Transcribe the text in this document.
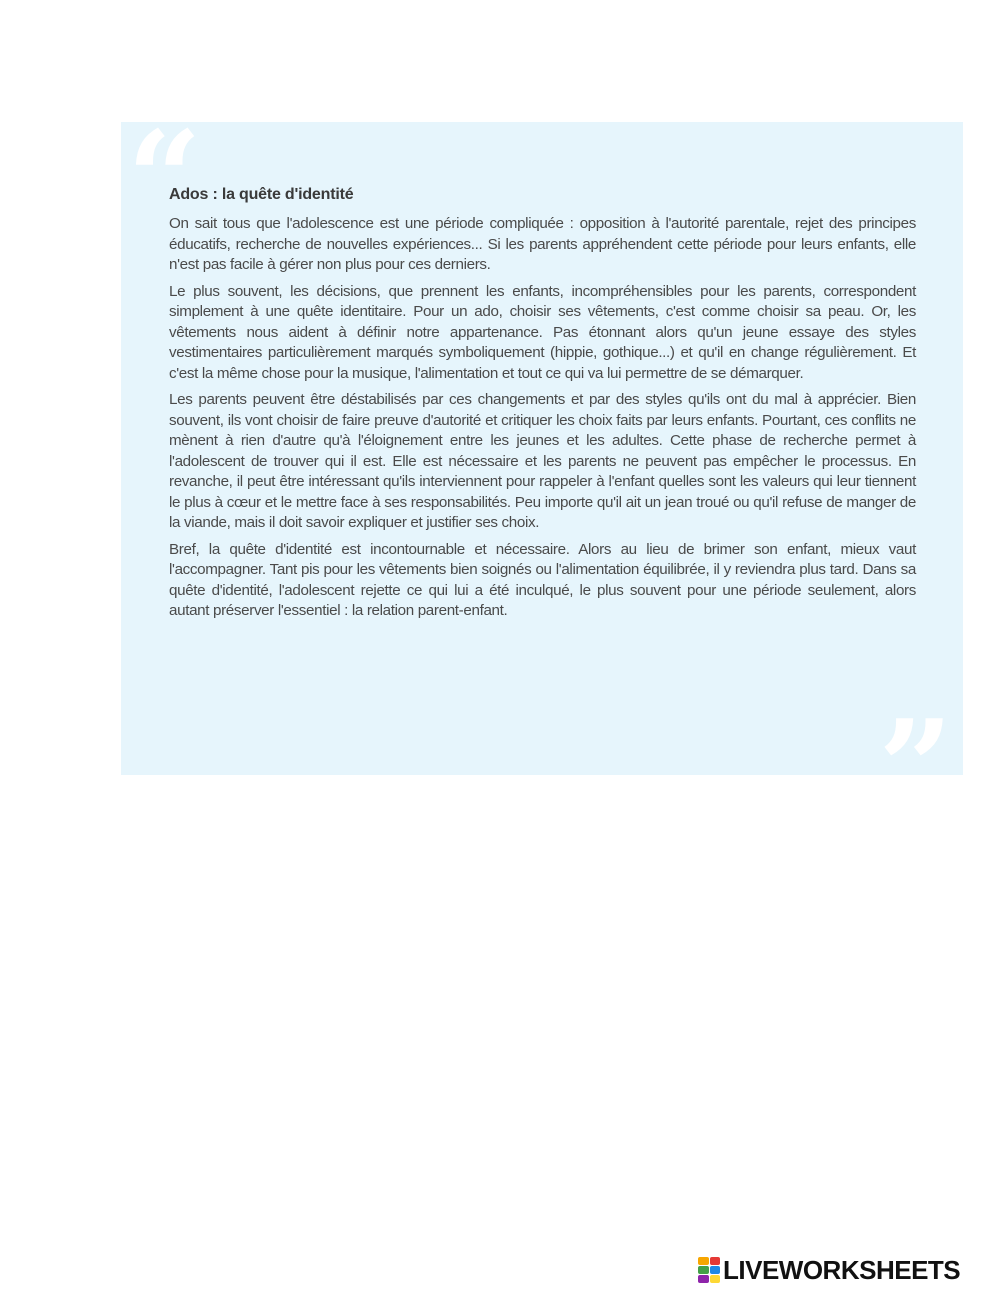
“
Ados : la quête d'identité

On sait tous que l'adolescence est une période compliquée : opposition à l'autorité parentale, rejet des principes éducatifs, recherche de nouvelles expériences... Si les parents appréhendent cette période pour leurs enfants, elle n'est pas facile à gérer non plus pour ces derniers.

Le plus souvent, les décisions, que prennent les enfants, incompréhensibles pour les parents, correspondent simplement à une quête identitaire. Pour un ado, choisir ses vêtements, c'est comme choisir sa peau. Or, les vêtements nous aident à définir notre appartenance. Pas étonnant alors qu'un jeune essaye des styles vestimentaires particulièrement marqués symboliquement (hippie, gothique...) et qu'il en change régulièrement. Et c'est la même chose pour la musique, l'alimentation et tout ce qui va lui permettre de se démarquer.

Les parents peuvent être déstabilisés par ces changements et par des styles qu'ils ont du mal à apprécier. Bien souvent, ils vont choisir de faire preuve d'autorité et critiquer les choix faits par leurs enfants. Pourtant, ces conflits ne mènent à rien d'autre qu'à l'éloignement entre les jeunes et les adultes. Cette phase de recherche permet à l'adolescent de trouver qui il est. Elle est nécessaire et les parents ne peuvent pas empêcher le processus. En revanche, il peut être intéressant qu'ils interviennent pour rappeler à l'enfant quelles sont les valeurs qui leur tiennent le plus à cœur et le mettre face à ses responsabilités. Peu importe qu'il ait un jean troué ou qu'il refuse de manger de la viande, mais il doit savoir expliquer et justifier ses choix.

Bref, la quête d'identité est incontournable et nécessaire. Alors au lieu de brimer son enfant, mieux vaut l'accompagner. Tant pis pour les vêtements bien soignés ou l'alimentation équilibrée, il y reviendra plus tard. Dans sa quête d'identité, l'adolescent rejette ce qui lui a été inculqué, le plus souvent pour une période seulement, alors autant préserver l'essentiel : la relation parent-enfant.

”
LIVEWORKSHEETS
